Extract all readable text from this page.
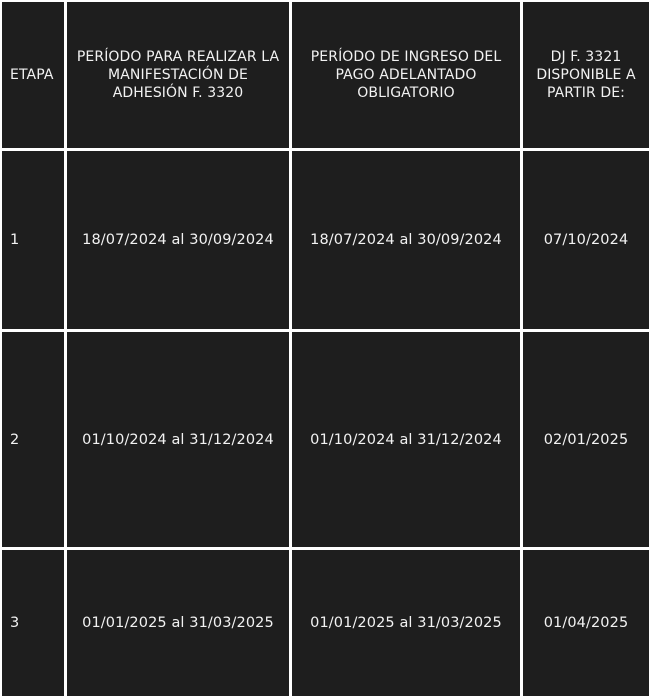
ETAPA	PERÍODO PARA REALIZAR LA MANIFESTACIÓN DE ADHESIÓN F. 3320	PERÍODO DE INGRESO DEL PAGO ADELANTADO OBLIGATORIO	DJ F. 3321 DISPONIBLE A PARTIR DE:
1	18/07/2024 al 30/09/2024	18/07/2024 al 30/09/2024	07/10/2024
2	01/10/2024 al 31/12/2024	01/10/2024 al 31/12/2024	02/01/2025
3	01/01/2025 al 31/03/2025	01/01/2025 al 31/03/2025	01/04/2025
